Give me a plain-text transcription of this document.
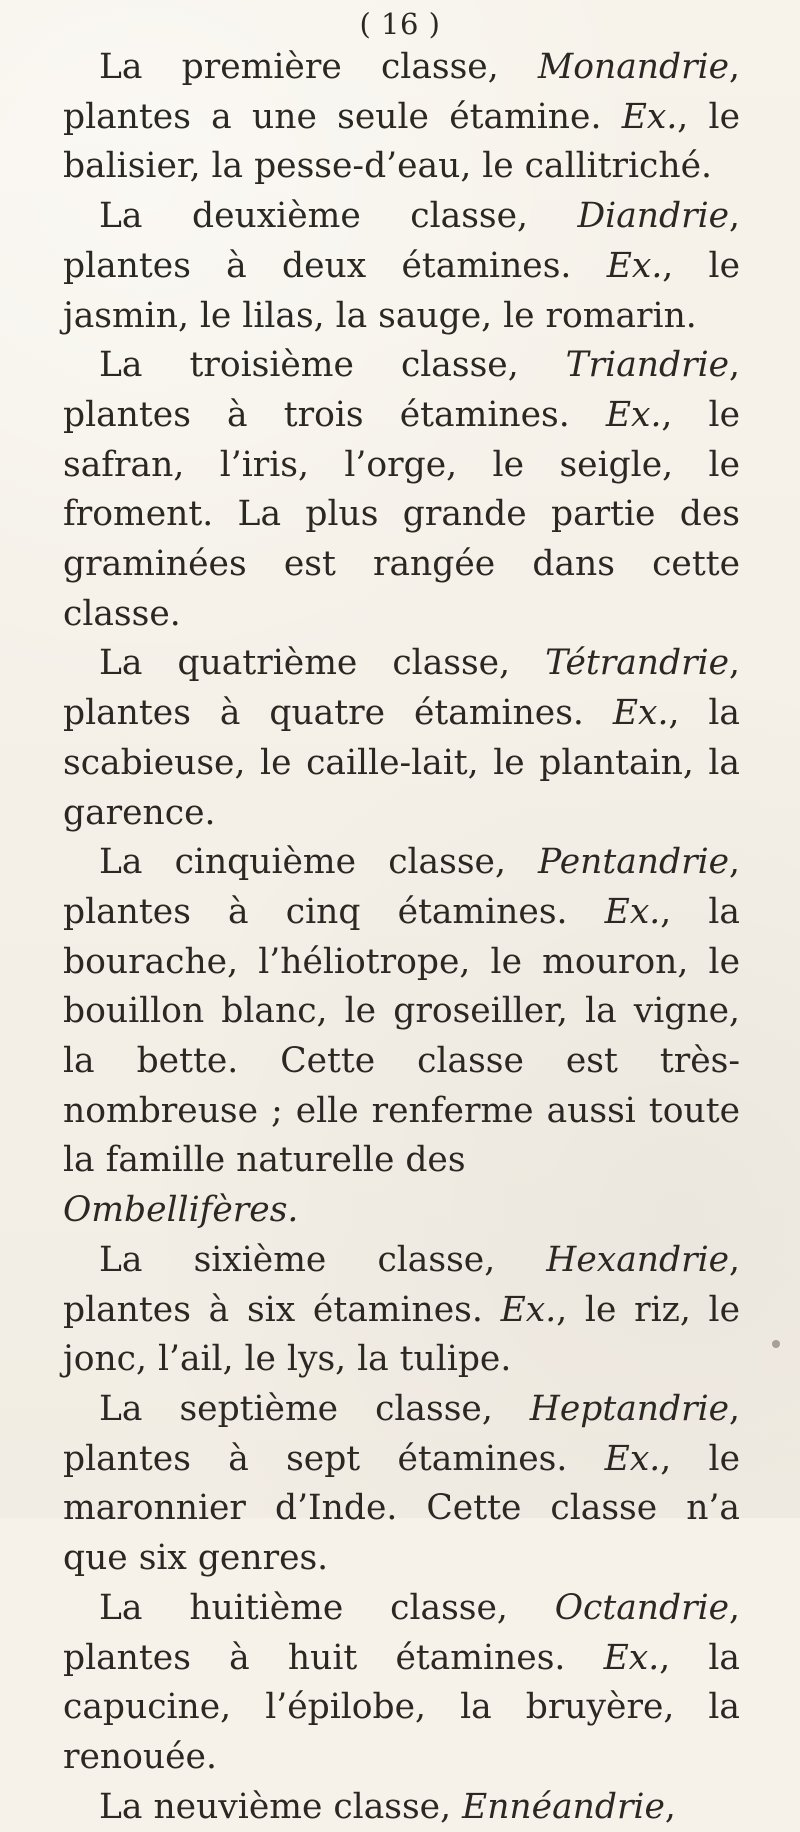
( 16 )

La première classe, Monandrie, plantes a une seule étamine. Ex., le balisier, la pesse-d’eau, le callitriché.

La deuxième classe, Diandrie, plantes à deux étamines. Ex., le jasmin, le lilas, la sauge, le romarin.

La troisième classe, Triandrie, plantes à trois étamines. Ex., le safran, l’iris, l’orge, le seigle, le froment. La plus grande partie des graminées est rangée dans cette classe.

La quatrième classe, Tétrandrie, plantes à quatre étamines. Ex., la scabieuse, le caille-lait, le plantain, la garence.

La cinquième classe, Pentandrie, plantes à cinq étamines. Ex., la bourache, l’héliotrope, le mouron, le bouillon blanc, le groseiller, la vigne, la bette. Cette classe est très-nombreuse ; elle renferme aussi toute la famille naturelle des

Ombellifères.

La sixième classe, Hexandrie, plantes à six étamines. Ex., le riz, le jonc, l’ail, le lys, la tulipe.

La septième classe, Heptandrie, plantes à sept étamines. Ex., le maronnier d’Inde. Cette classe n’a que six genres.

La huitième classe, Octandrie, plantes à huit étamines. Ex., la capucine, l’épilobe, la bruyère, la renouée.

La neuvième classe, Ennéandrie,
